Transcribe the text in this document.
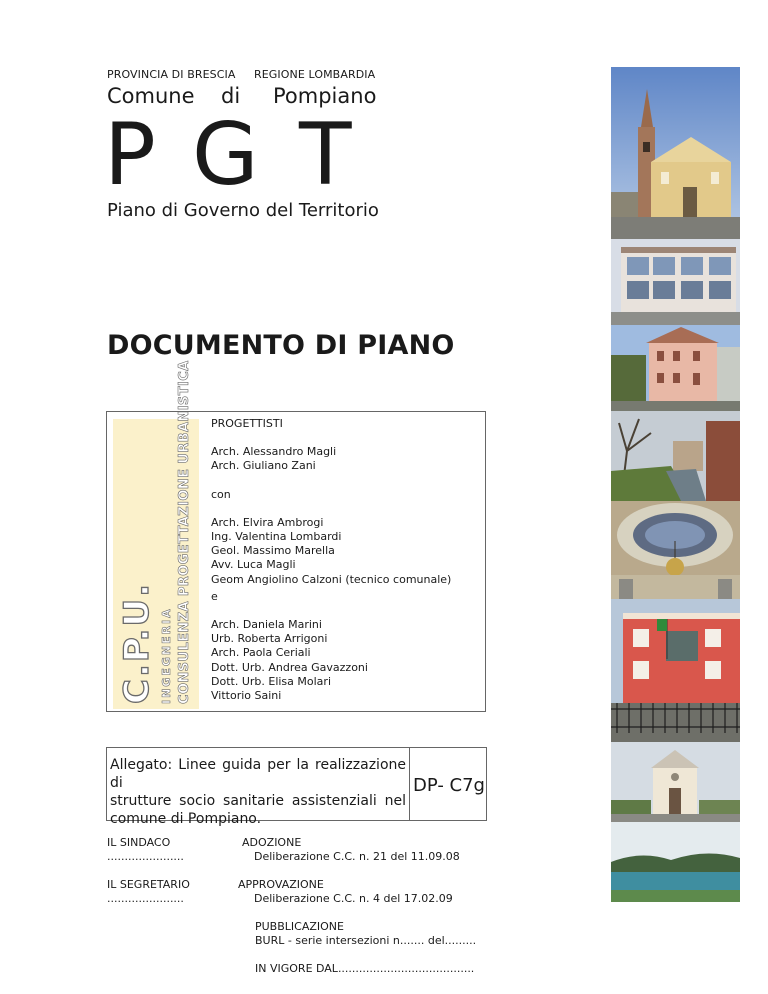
PROVINCIA DI BRESCIA REGIONE LOMBARDIA
Comune di Pompiano
P G T
Piano di Governo del Territorio
DOCUMENTO DI PIANO
C.P.U. INGEGNERIA CONSULENZA PROGETTAZIONE URBANISTICA PROGETTISTI
Arch. Alessandro Magli
Arch. Giuliano Zani
con
Arch. Elvira Ambrogi
Ing. Valentina Lombardi
Geol. Massimo Marella
Avv. Luca Magli
Geom Angiolino Calzoni (tecnico comunale)
e
Arch. Daniela Marini
Urb. Roberta Arrigoni
Arch. Paola Ceriali
Dott. Urb. Andrea Gavazzoni
Dott. Urb. Elisa Molari
Vittorio Saini
Allegato: Linee guida per la realizzazione di
strutture socio sanitarie assistenziali nel
comune di Pompiano.
DP- C7g
IL SINDACO
......................
IL SEGRETARIO
......................
ADOZIONE
Deliberazione C.C. n. 21 del 11.09.08
APPROVAZIONE
Deliberazione C.C. n. 4 del 17.02.09
PUBBLICAZIONE
BURL - serie intersezioni n....... del.........
IN VIGORE DAL.......................................
